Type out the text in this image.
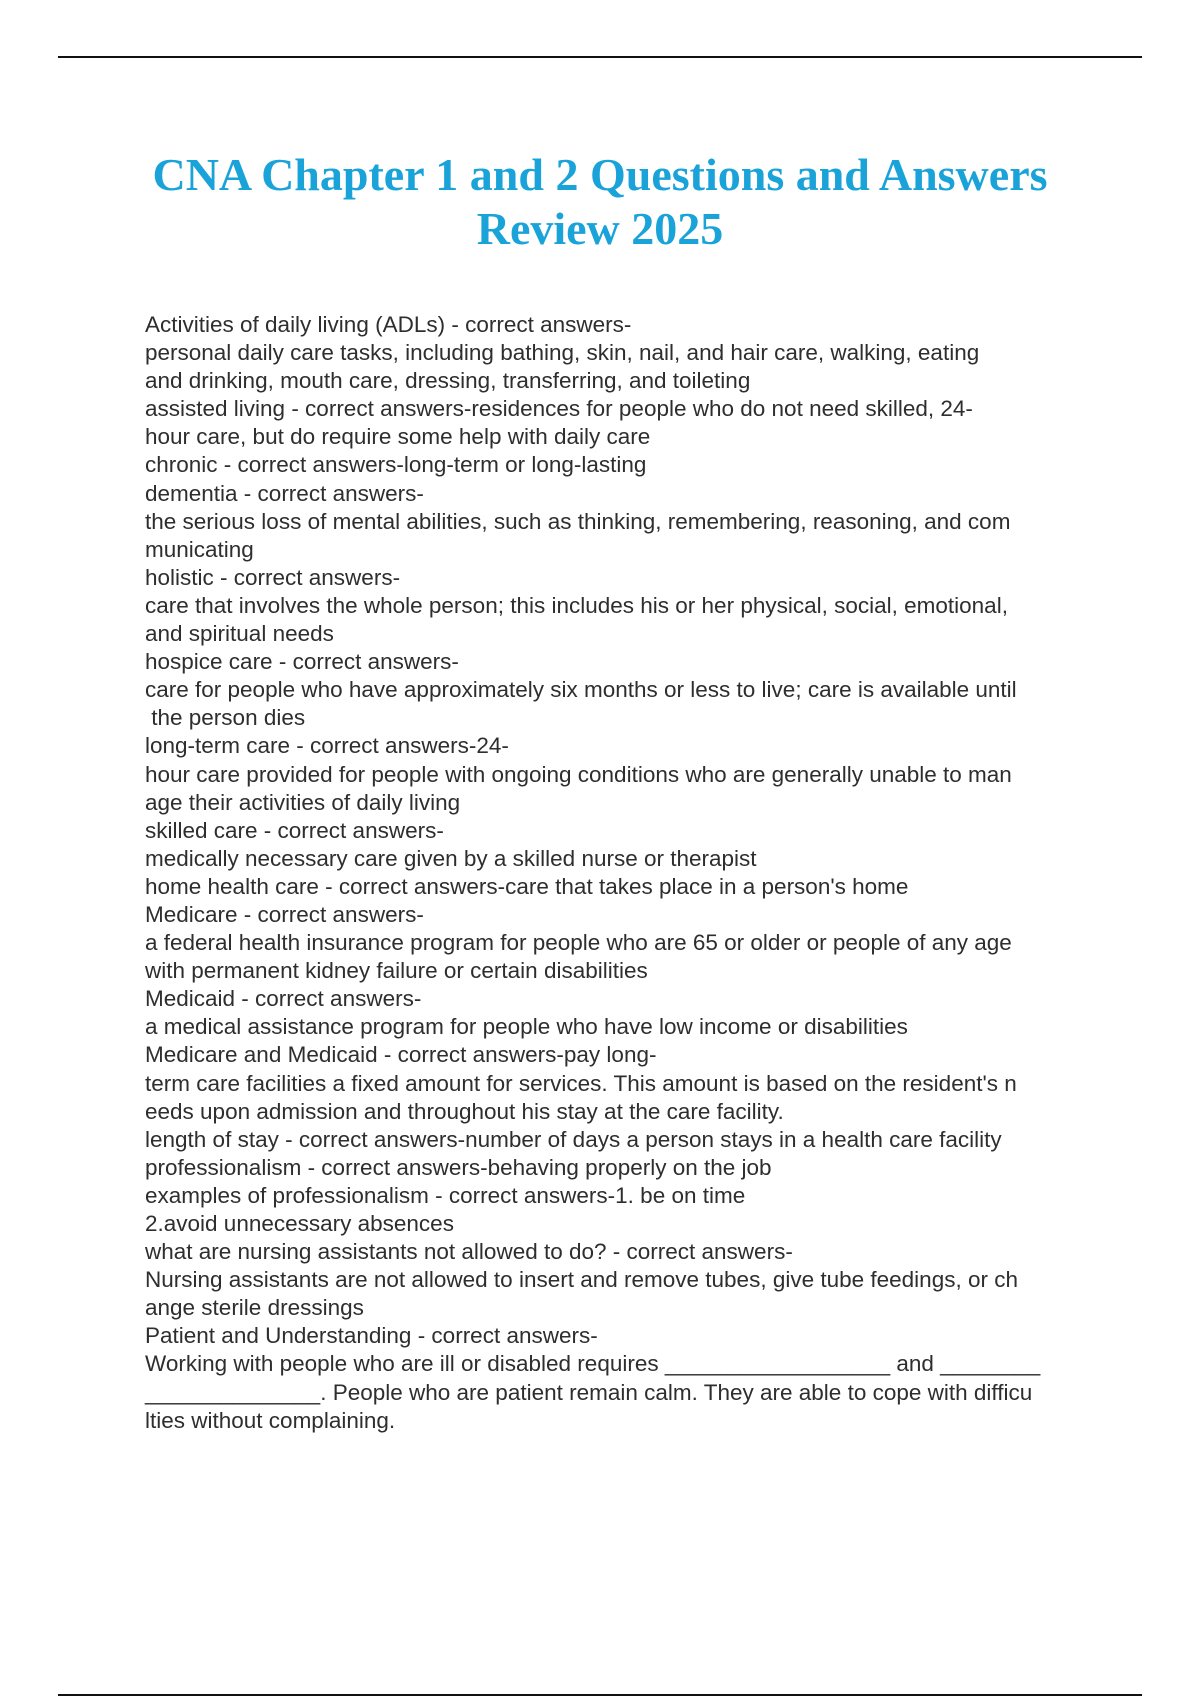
CNA Chapter 1 and 2 Questions and Answers
Review 2025
Activities of daily living (ADLs) - correct answers-
personal daily care tasks, including bathing, skin, nail, and hair care, walking, eating
and drinking, mouth care, dressing, transferring, and toileting
assisted living - correct answers-residences for people who do not need skilled, 24-
hour care, but do require some help with daily care
chronic - correct answers-long-term or long-lasting
dementia - correct answers-
the serious loss of mental abilities, such as thinking, remembering, reasoning, and com
municating
holistic - correct answers-
care that involves the whole person; this includes his or her physical, social, emotional,
and spiritual needs
hospice care - correct answers-
care for people who have approximately six months or less to live; care is available until
the person dies
long-term care - correct answers-24-
hour care provided for people with ongoing conditions who are generally unable to man
age their activities of daily living
skilled care - correct answers-
medically necessary care given by a skilled nurse or therapist
home health care - correct answers-care that takes place in a person's home
Medicare - correct answers-
a federal health insurance program for people who are 65 or older or people of any age
with permanent kidney failure or certain disabilities
Medicaid - correct answers-
a medical assistance program for people who have low income or disabilities
Medicare and Medicaid - correct answers-pay long-
term care facilities a fixed amount for services. This amount is based on the resident's n
eeds upon admission and throughout his stay at the care facility.
length of stay - correct answers-number of days a person stays in a health care facility
professionalism - correct answers-behaving properly on the job
examples of professionalism - correct answers-1. be on time
2.avoid unnecessary absences
what are nursing assistants not allowed to do? - correct answers-
Nursing assistants are not allowed to insert and remove tubes, give tube feedings, or ch
ange sterile dressings
Patient and Understanding - correct answers-
Working with people who are ill or disabled requires __________________ and ________
______________. People who are patient remain calm. They are able to cope with difficu
lties without complaining.
